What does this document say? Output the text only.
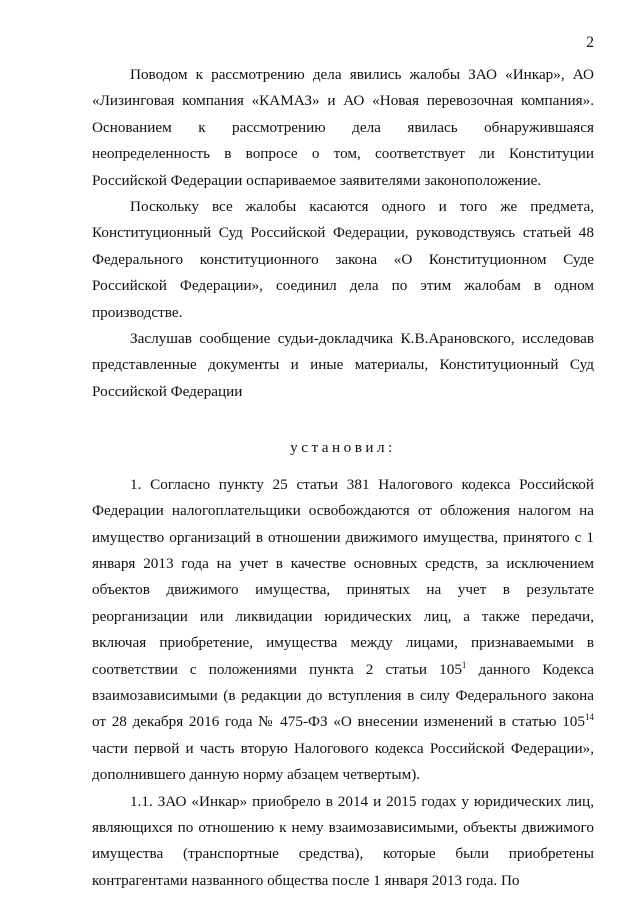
2

Поводом к рассмотрению дела явились жалобы ЗАО «Инкар», АО «Лизинговая компания «КАМАЗ» и АО «Новая перевозочная компания». Основанием к рассмотрению дела явилась обнаружившаяся неопределенность в вопросе о том, соответствует ли Конституции Российской Федерации оспариваемое заявителями законоположение.

Поскольку все жалобы касаются одного и того же предмета, Конституционный Суд Российской Федерации, руководствуясь статьей 48 Федерального конституционного закона «О Конституционном Суде Российской Федерации», соединил дела по этим жалобам в одном производстве.

Заслушав сообщение судьи-докладчика К.В.Арановского, исследовав представленные документы и иные материалы, Конституционный Суд Российской Федерации

установил:

1. Согласно пункту 25 статьи 381 Налогового кодекса Российской Федерации налогоплательщики освобождаются от обложения налогом на имущество организаций в отношении движимого имущества, принятого с 1 января 2013 года на учет в качестве основных средств, за исключением объектов движимого имущества, принятых на учет в результате реорганизации или ликвидации юридических лиц, а также передачи, включая приобретение, имущества между лицами, признаваемыми в соответствии с положениями пункта 2 статьи $105^1$ данного Кодекса взаимозависимыми (в редакции до вступления в силу Федерального закона от 28 декабря 2016 года № 475-ФЗ «О внесении изменений в статью $105^{14}$ части первой и часть вторую Налогового кодекса Российской Федерации», дополнившего данную норму абзацем четвертым).

1.1. ЗАО «Инкар» приобрело в 2014 и 2015 годах у юридических лиц, являющихся по отношению к нему взаимозависимыми, объекты движимого имущества (транспортные средства), которые были приобретены контрагентами названного общества после 1 января 2013 года. По
